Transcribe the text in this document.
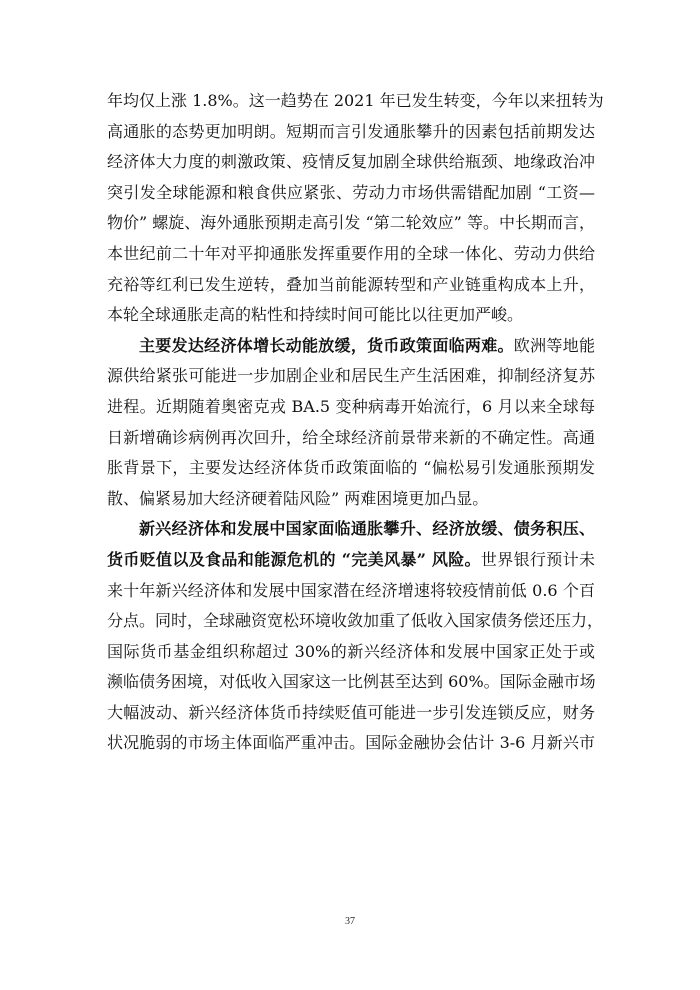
年均仅上涨 1.8%。这一趋势在 2021 年已发生转变，今年以来扭转为
高通胀的态势更加明朗。短期而言引发通胀攀升的因素包括前期发达
经济体大力度的刺激政策、疫情反复加剧全球供给瓶颈、地缘政治冲
突引发全球能源和粮食供应紧张、劳动力市场供需错配加剧 “工资—
物价” 螺旋、海外通胀预期走高引发 “第二轮效应” 等。中长期而言，
本世纪前二十年对平抑通胀发挥重要作用的全球一体化、劳动力供给
充裕等红利已发生逆转，叠加当前能源转型和产业链重构成本上升，
本轮全球通胀走高的粘性和持续时间可能比以往更加严峻。
主要发达经济体增长动能放缓，货币政策面临两难。欧洲等地能
源供给紧张可能进一步加剧企业和居民生产生活困难，抑制经济复苏
进程。近期随着奥密克戎 BA.5 变种病毒开始流行，6 月以来全球每
日新增确诊病例再次回升，给全球经济前景带来新的不确定性。高通
胀背景下，主要发达经济体货币政策面临的 “偏松易引发通胀预期发
散、偏紧易加大经济硬着陆风险” 两难困境更加凸显。
新兴经济体和发展中国家面临通胀攀升、经济放缓、债务积压、
货币贬值以及食品和能源危机的 “完美风暴” 风险。世界银行预计未
来十年新兴经济体和发展中国家潜在经济增速将较疫情前低 0.6 个百
分点。同时，全球融资宽松环境收敛加重了低收入国家债务偿还压力，
国际货币基金组织称超过 30%的新兴经济体和发展中国家正处于或
濒临债务困境，对低收入国家这一比例甚至达到 60%。国际金融市场
大幅波动、新兴经济体货币持续贬值可能进一步引发连锁反应，财务
状况脆弱的市场主体面临严重冲击。国际金融协会估计 3-6 月新兴市
37
